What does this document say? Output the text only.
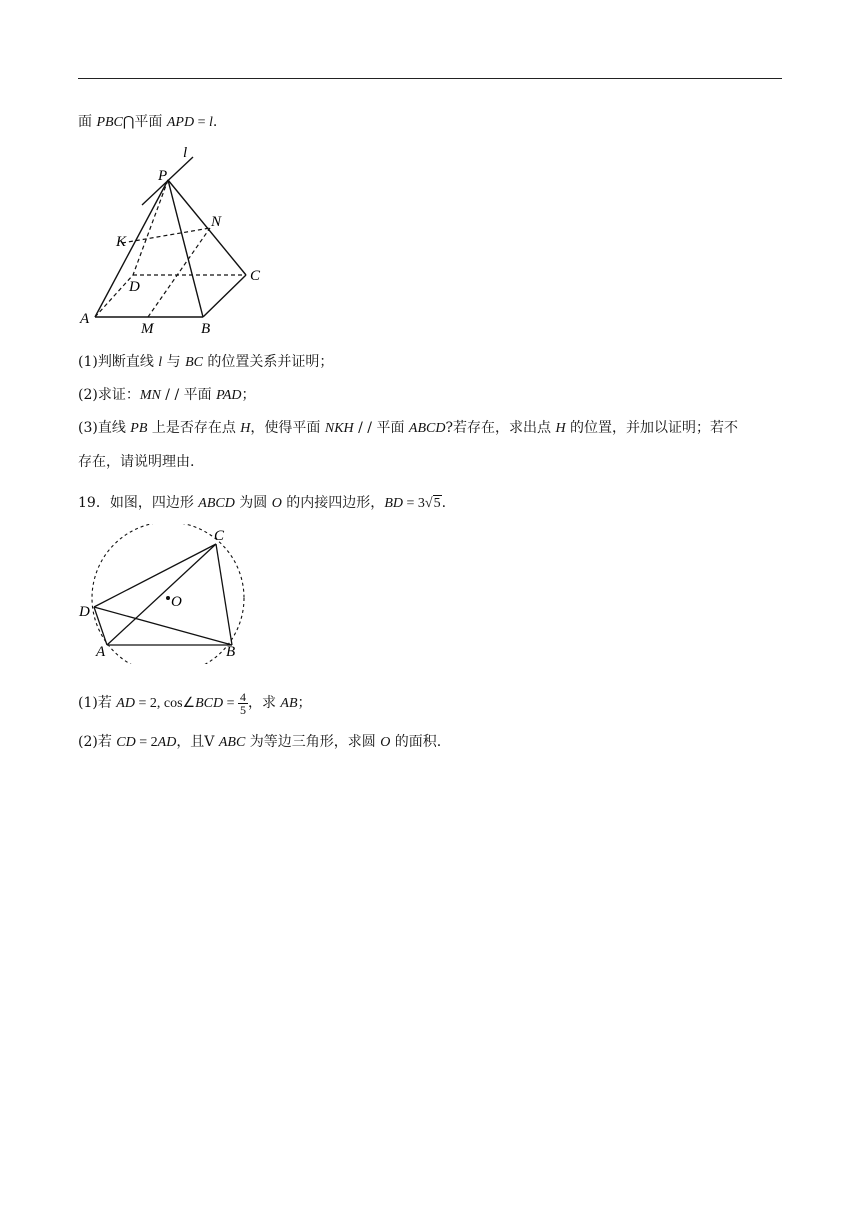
面 PBC⋂平面 APD = l.
P
l
N
K
C
D
A
M	B
(1)判断直线 l 与 BC 的位置关系并证明；
(2)求证：MN / / 平面 PAD；
(3)直线 PB 上是否存在点 H，使得平面 NKH / / 平面 ABCD?若存在，求出点 H 的位置，并加以证明；若不
存在，请说明理由.
19．如图，四边形 ABCD 为圆 O 的内接四边形，BD = 3√5.
C
O
D
A	B
(1)若 AD = 2, cos∠BCD = $\frac{4}{5}$ ，求 AB；
(2)若 CD = 2AD，且V ABC 为等边三角形，求圆 O 的面积.
